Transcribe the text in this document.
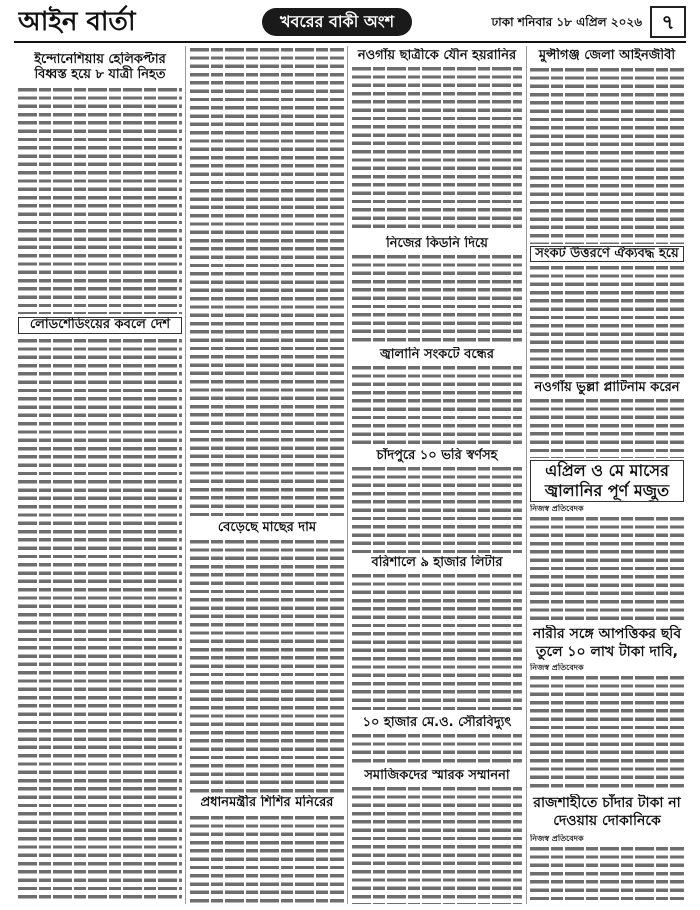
আইন বার্তা	খবরের বাকী অংশ	ঢাকা শনিবার ১৮ এপ্রিল ২০২৬ ৭
ইন্দোনেশিয়ায় হেলিকপ্টার বিধ্বস্ত হয়ে ৮ যাত্রী নিহত
লোডশেডিংয়ের কবলে দেশ
বেড়েছে মাছের দাম
প্রধানমন্ত্রীর শিশির মনিরের
নওগাঁয় ছাত্রীকে যৌন হয়রানির
নিজের কিডনি দিয়ে
জ্বালানি সংকটে বন্ধের
চাঁদপুরে ১০ ভরি স্বর্ণসহ
বরিশালে ৯ হাজার লিটার
১০ হাজার মে.ও. সৌরবিদ্যুৎ
সমাজিকদের স্মারক সম্মাননা
মুন্সীগঞ্জ জেলা আইনজীবী
সংকট উত্তরণে ঐক্যবদ্ধ হয়ে
নওগাঁয় ভুল্লা প্লাটিনাম করেন
এপ্রিল ও মে মাসের জ্বালানির পূর্ণ মজুত
নিজস্ব প্রতিবেদক
নারীর সঙ্গে আপত্তিকর ছবি তুলে ১০ লাখ টাকা দাবি,
নিজস্ব প্রতিবেদক
রাজশাহীতে চাঁদার টাকা না দেওয়ায় দোকানিকে
নিজস্ব প্রতিবেদক
